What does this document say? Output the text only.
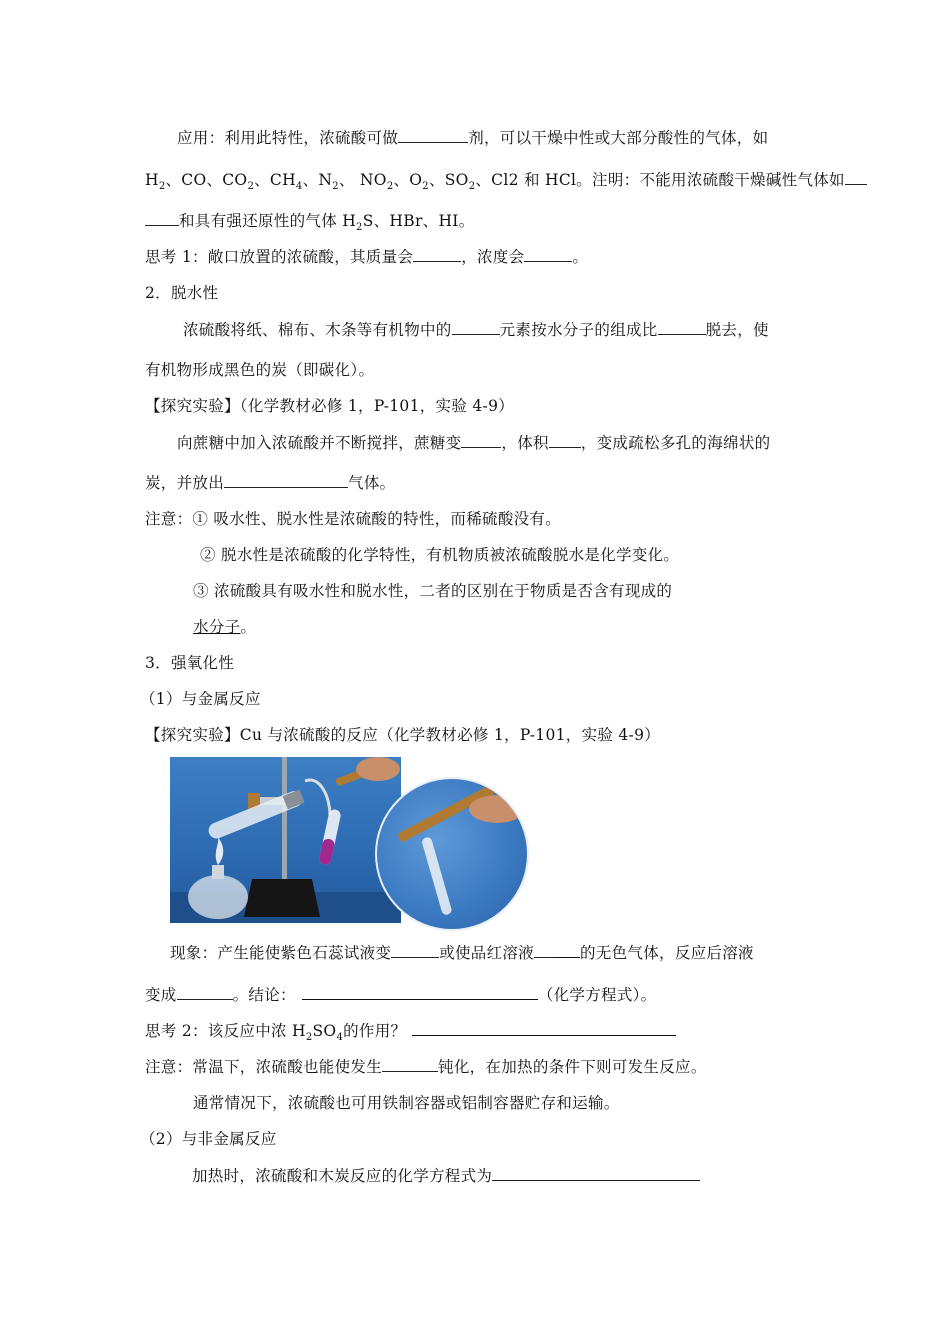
应用：利用此特性，浓硫酸可做	剂，可以干燥中性或大部分酸性的气体，如
$H_2$、CO、$CO_2$、$CH_4$、$N_2$、 $NO_2$、$O_2$、$SO_2$、Cl2 和 HCl。注明：不能用浓硫酸干燥碱性气体如
和具有强还原性的气体 $H_2S$、HBr、HI。
思考 1：敞口放置的浓硫酸，其质量会	，浓度会	。
2．脱水性
浓硫酸将纸、棉布、木条等有机物中的	元素按水分子的组成比	脱去，使
有机物形成黑色的炭（即碳化）。
【探究实验】（化学教材必修 1，P-101，实验 4-9）
向蔗糖中加入浓硫酸并不断搅拌，蔗糖变	，体积 ，变成疏松多孔的海绵状的
炭，并放出	气体。
注意：① 吸水性、脱水性是浓硫酸的特性，而稀硫酸没有。
② 脱水性是浓硫酸的化学特性，有机物质被浓硫酸脱水是化学变化。
③ 浓硫酸具有吸水性和脱水性，二者的区别在于物质是否含有现成的
水分子。
3．强氧化性
（1）与金属反应
【探究实验】Cu 与浓硫酸的反应（化学教材必修 1，P-101，实验 4-9）
现象：产生能使紫色石蕊试液变	或使品红溶液	的无色气体，反应后溶液
变成	。结论：	（化学方程式）。
思考 2：该反应中浓 $H_2SO_4$的作用？
注意：常温下，浓硫酸也能使发生	钝化，在加热的条件下则可发生反应。
通常情况下，浓硫酸也可用铁制容器或铝制容器贮存和运输。
（2）与非金属反应
加热时，浓硫酸和木炭反应的化学方程式为
